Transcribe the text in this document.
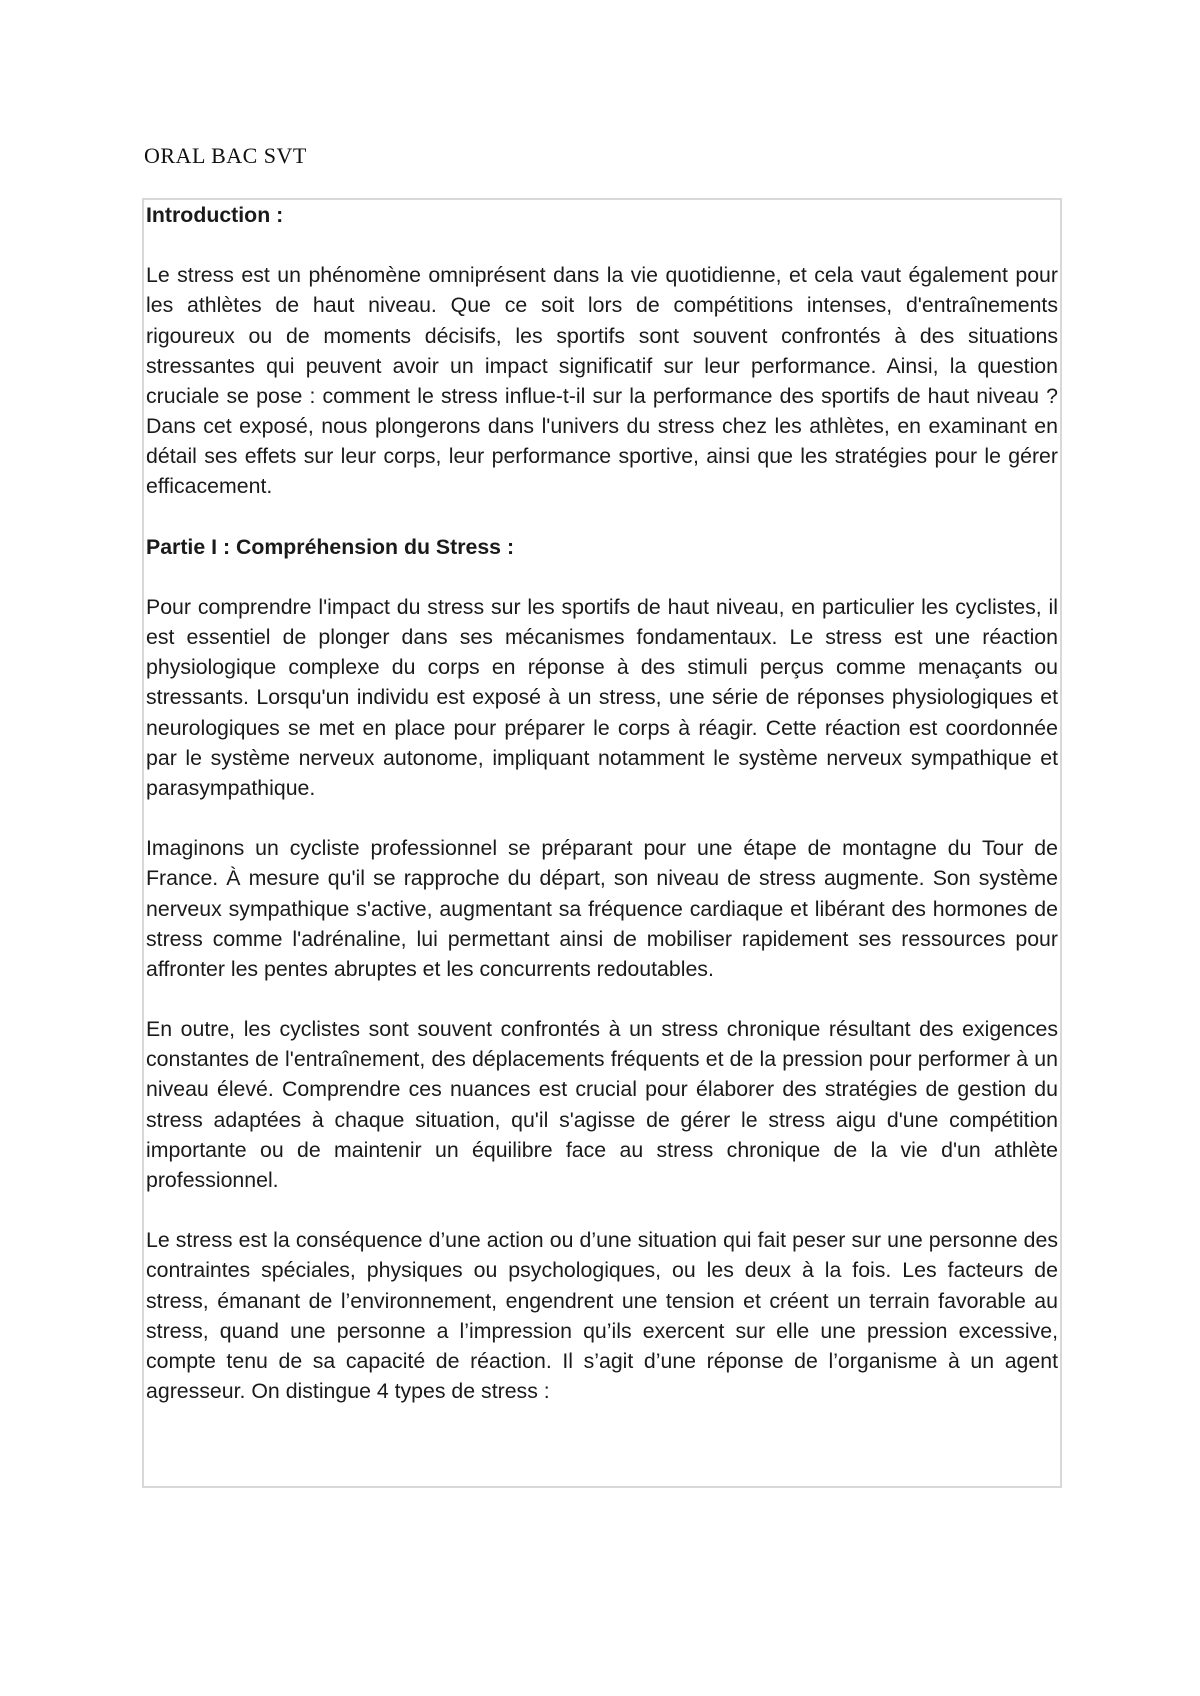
ORAL BAC SVT
Introduction :

Le stress est un phénomène omniprésent dans la vie quotidienne, et cela vaut également pour les athlètes de haut niveau. Que ce soit lors de compétitions intenses, d'entraînements rigoureux ou de moments décisifs, les sportifs sont souvent confrontés à des situations stressantes qui peuvent avoir un impact significatif sur leur performance. Ainsi, la question cruciale se pose : comment le stress influe-t-il sur la performance des sportifs de haut niveau ? Dans cet exposé, nous plongerons dans l'univers du stress chez les athlètes, en examinant en détail ses effets sur leur corps, leur performance sportive, ainsi que les stratégies pour le gérer efficacement.

Partie I : Compréhension du Stress :

Pour comprendre l'impact du stress sur les sportifs de haut niveau, en particulier les cyclistes, il est essentiel de plonger dans ses mécanismes fondamentaux. Le stress est une réaction physiologique complexe du corps en réponse à des stimuli perçus comme menaçants ou stressants. Lorsqu'un individu est exposé à un stress, une série de réponses physiologiques et neurologiques se met en place pour préparer le corps à réagir. Cette réaction est coordonnée par le système nerveux autonome, impliquant notamment le système nerveux sympathique et parasympathique.

Imaginons un cycliste professionnel se préparant pour une étape de montagne du Tour de France. À mesure qu'il se rapproche du départ, son niveau de stress augmente. Son système nerveux sympathique s'active, augmentant sa fréquence cardiaque et libérant des hormones de stress comme l'adrénaline, lui permettant ainsi de mobiliser rapidement ses ressources pour affronter les pentes abruptes et les concurrents redoutables.

En outre, les cyclistes sont souvent confrontés à un stress chronique résultant des exigences constantes de l'entraînement, des déplacements fréquents et de la pression pour performer à un niveau élevé. Comprendre ces nuances est crucial pour élaborer des stratégies de gestion du stress adaptées à chaque situation, qu'il s'agisse de gérer le stress aigu d'une compétition importante ou de maintenir un équilibre face au stress chronique de la vie d'un athlète professionnel.

Le stress est la conséquence d’une action ou d’une situation qui fait peser sur une personne des contraintes spéciales, physiques ou psychologiques, ou les deux à la fois. Les facteurs de stress, émanant de l’environnement, engendrent une tension et créent un terrain favorable au stress, quand une personne a l’impression qu’ils exercent sur elle une pression excessive, compte tenu de sa capacité de réaction. Il s’agit d’une réponse de l’organisme à un agent agresseur. On distingue 4 types de stress :
